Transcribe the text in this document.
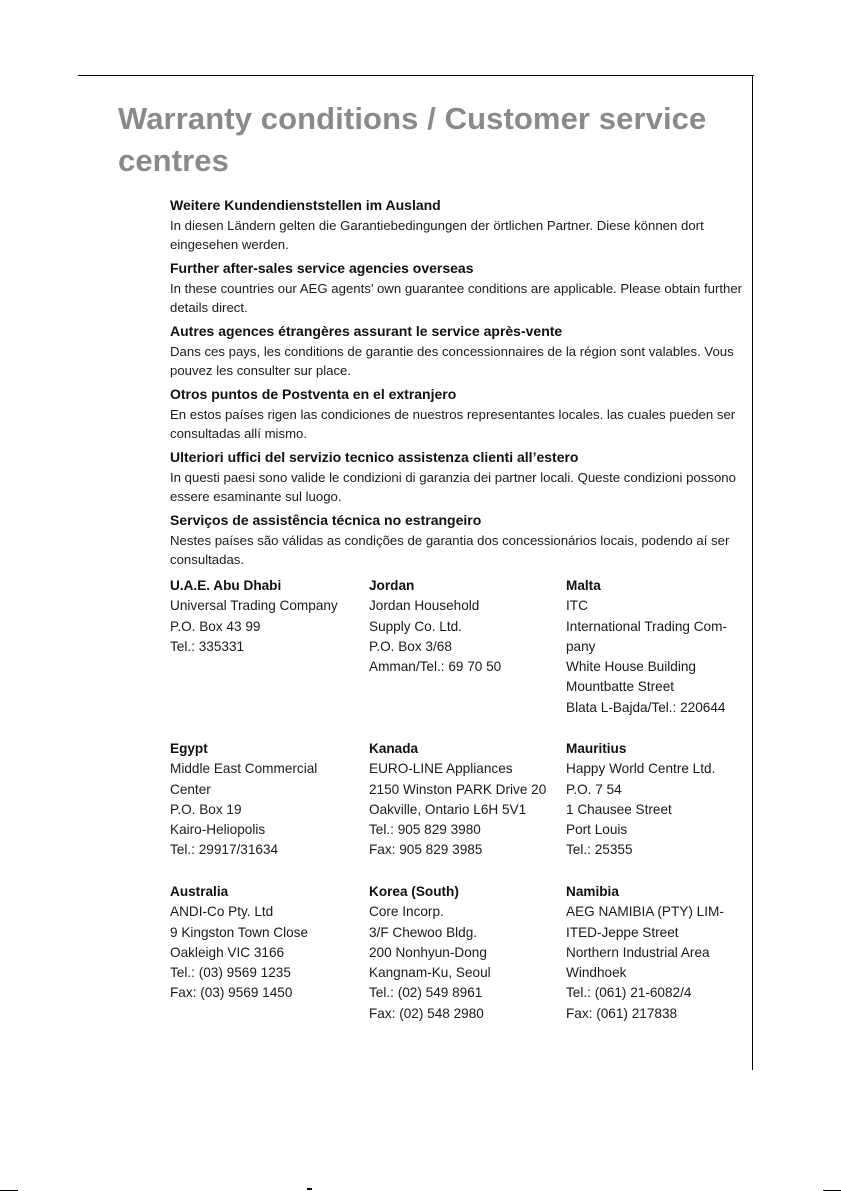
Warranty conditions / Customer service centres
Weitere Kundendienststellen im Ausland

In diesen Ländern gelten die Garantiebedingungen der örtlichen Partner. Diese können dort eingesehen werden.

Further after-sales service agencies overseas

In these countries our AEG agents’ own guarantee conditions are applicable. Please obtain further details direct.

Autres agences étrangères assurant le service après-vente

Dans ces pays, les conditions de garantie des concessionnaires de la région sont valables. Vous pouvez les consulter sur place.

Otros puntos de Postventa en el extranjero

En estos países rigen las condiciones de nuestros representantes locales. las cuales pueden ser consultadas allí mismo.

Ulteriori uffici del servizio tecnico assistenza clienti all’estero

In questi paesi sono valide le condizioni di garanzia dei partner locali. Queste condizioni possono essere esaminante sul luogo.

Serviços de assistência técnica no estrangeiro

Nestes países são válidas as condições de garantia dos concessionários locais, podendo aí ser consultadas.

U.A.E. Abu Dhabi
Universal Trading Company
P.O. Box 43 99
Tel.: 335331
Jordan
Jordan Household
Supply Co. Ltd.
P.O. Box 3/68
Amman/Tel.: 69 70 50
Malta
ITC
International Trading Com-
pany
White House Building
Mountbatte Street
Blata L-Bajda/Tel.: 220644
Egypt
Middle East Commercial
Center
P.O. Box 19
Kairo-Heliopolis
Tel.: 29917/31634
Kanada
EURO-LINE Appliances
2150 Winston PARK Drive 20
Oakville, Ontario L6H 5V1
Tel.: 905 829 3980
Fax: 905 829 3985
Mauritius
Happy World Centre Ltd.
P.O. 7 54
1 Chausee Street
Port Louis
Tel.: 25355
Australia
ANDI-Co Pty. Ltd
9 Kingston Town Close
Oakleigh VIC 3166
Tel.: (03) 9569 1235
Fax: (03) 9569 1450
Korea (South)
Core Incorp.
3/F Chewoo Bldg.
200 Nonhyun-Dong
Kangnam-Ku, Seoul
Tel.: (02) 549 8961
Fax: (02) 548 2980
Namibia
AEG NAMIBIA (PTY) LIM-
ITED-Jeppe Street
Northern Industrial Area
Windhoek
Tel.: (061) 21-6082/4
Fax: (061) 217838
